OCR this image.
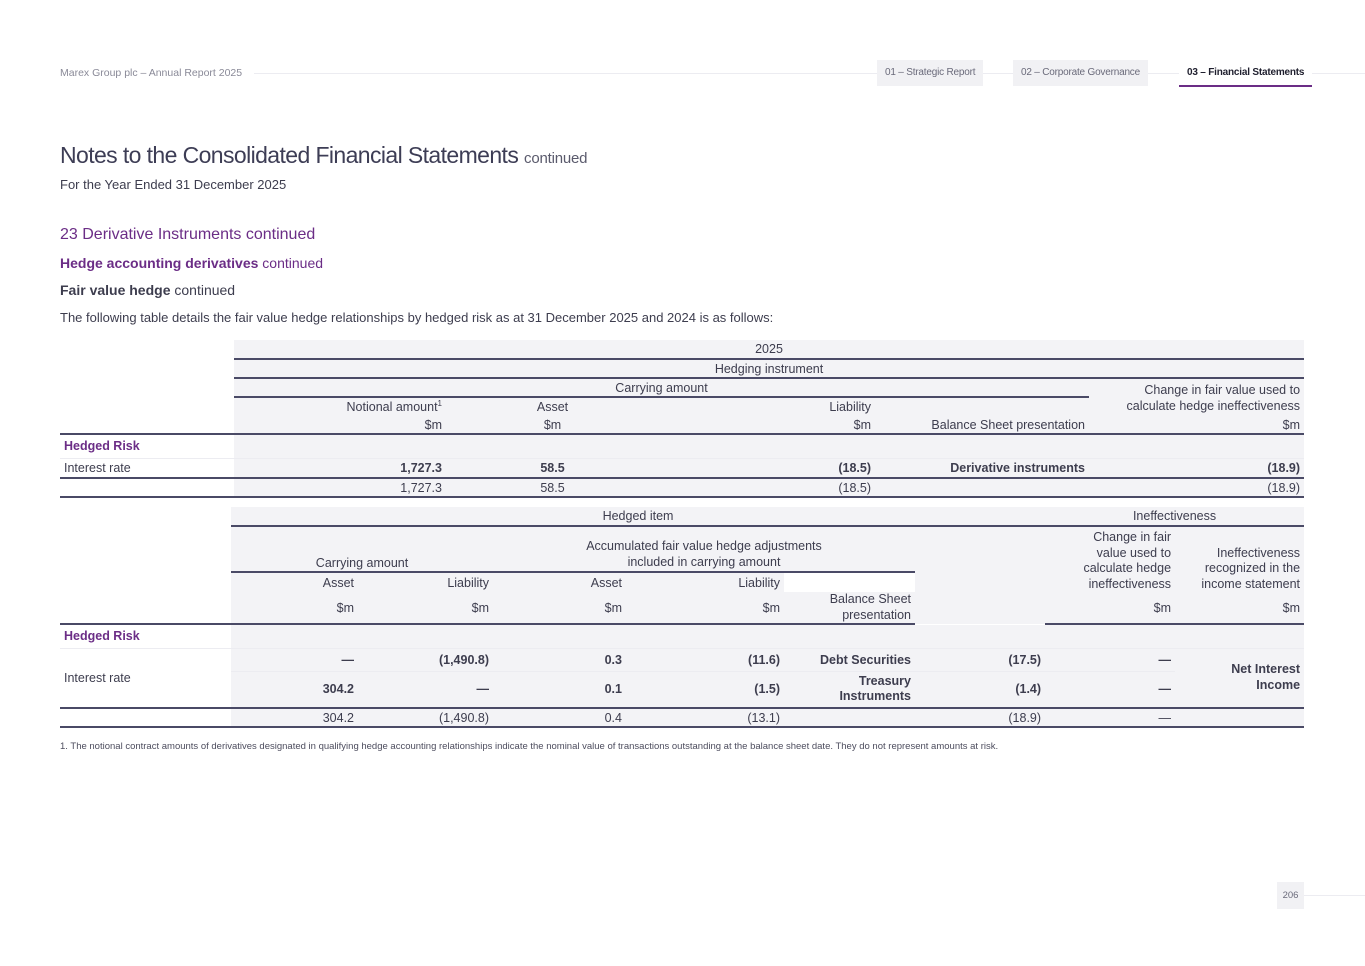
Marex Group plc – Annual Report 2025	01 – Strategic Report	02 – Corporate Governance	03 – Financial Statements
Notes to the Consolidated Financial Statements continued
For the Year Ended 31 December 2025
23 Derivative Instruments continued
Hedge accounting derivatives continued
Fair value hedge continued
The following table details the fair value hedge relationships by hedged risk as at 31 December 2025 and 2024 is as follows:
	2025				
	Hedging instrument				
	Carrying amount				Change in fair value used to calculate hedge ineffectiveness
	Notional amount$^1$	Asset	Liability		
	$m	$m	$m	Balance Sheet presentation	$m
Hedged Risk					
Interest rate	1,727.3	58.5	(18.5)	Derivative instruments	(18.9)
	1,727.3	58.5	(18.5)		(18.9)
	Hedged item						Ineffectiveness		
	Carrying amount		Accumulated fair value hedge adjustments included in carrying amount				Change in fair value used to calculate hedge ineffectiveness	Ineffectiveness recognized in the income statement	
	Asset	Liability	Asset	Liability					
	$m	$m	$m	$m	Balance Sheet presentation		$m	$m	
Hedged Risk									
Interest rate	—	(1,490.8)	0.3	(11.6)	Debt Securities	(17.5)	—	Net Interest Income	
	304.2	—	0.1	(1.5)	Treasury Instruments	(1.4)	—		
	304.2	(1,490.8)	0.4	(13.1)		(18.9)	—		
1. The notional contract amounts of derivatives designated in qualifying hedge accounting relationships indicate the nominal value of transactions outstanding at the balance sheet date. They do not represent amounts at risk.
206
